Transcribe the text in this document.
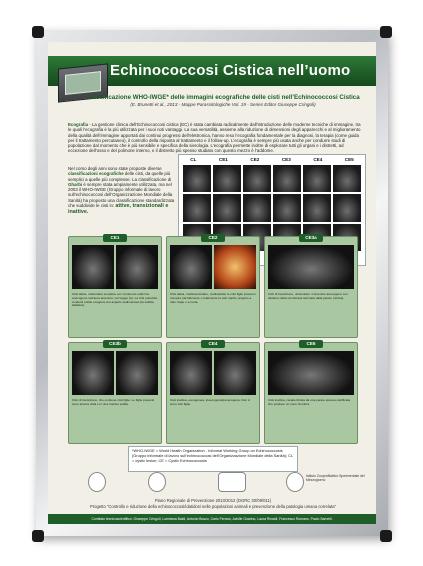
Echinococcosi Cistica nell’uomo
Classificazione WHO-IWGE* delle immagini ecografiche delle cisti nell’Echinococcosi Cistica
(E. Brunetti et al., 2013 - Mappe Parassitologiche Vol. 19 - Series Editor Giuseppe Cringoli)
Ecografia - La gestione clinica dell’Echinococcosi cistica (EC) è stata cambiata radicalmente dall’introduzione delle moderne tecniche di immagine, tra le quali l’ecografia è la più utilizzata per i suoi noti vantaggi. La sua versatilità, assieme alla riduzione di dimensioni degli apparecchi e al miglioramento della qualità dell’immagine apportati dai continui progressi dell’elettronica, hanno reso l’ecografia fondamentale per la diagnosi, la terapia (come guida per il trattamento percutaneo), il controllo della risposta al trattamento e il follow-up. L’ecografia è sempre più usata anche per condurre studi di popolazione dal momento che è più sensibile e specifica della sierologia. L’ecografia permette inoltre di esplorare tutti gli organi e i distretti, ad eccezione dell’osso e del polmone interno, e il distretto più spesso studiato con questo mezzo è l’addome.
Nel corso degli anni sono state proposte diverse classificazioni ecografiche delle cisti, da quelle più semplici a quelle più complesse. La classificazione di Gharbi è sempre stata ampiamente utilizzata, ma nel 2003 il WHO-IWGE (Gruppo informale di lavoro sull’echinococcosi dell’Organizzazione Mondiale della Sanità) ha proposto una classificazione standardizzata che suddivide le cisti in: attive, transizionali e inattive.
CL	CE1	CE2	CE3	CE4	CE5
CE1
Cisti attiva, uniloculare semplice con contenuto uniforme anecogeno nell’area anteriore; nel legger (b). La cisti potrebbe rendersi sottile ecogena con aspetto sedimentato (la sabbia idatidea).
CE2
Cisti attiva, multivescicolare, multisettata; le cisti figlie possono riempire parzialmente o totalmente la cisti madre; aspetto a nido d’ape o a ruota.
CE3a
Cisti di transizione, uniloculare. Contenuto anecogeno con distacco della membrana laminata dalla parete (ninfea).
CE3b
Cisti di transizione, che contiene cisti figlie. Le figlie presenti sono ancora vitali e in una matrice solida.
CE4
Cisti inattiva, eterogenea, ipoecogena/iperecogena. Non ci sono cisti figlie.
CE5
Cisti inattiva, caratterizzata da una parete spessa calcificata che produce un cono d’ombra.
*WHO-IWGE = World Health Organization - Informal Working Group on Echinococcosis (Gruppo informale di lavoro sull’echinococcosi dell’Organizzazione Mondiale della Sanità); CL = cystic lesion; CE = Cystic Echinococcosis
Istituto Zooprofilattico Sperimentale del Mezzogiorno
Piano Regionale di Prevenzione 2010/2012 (DGRC 30/09/011)
Progetto “Controllo e riduzione della echinococcosi/idatidosi nelle popolazioni animali e prevenzione della patologia umana correlata”
Comitato tecnicoscientifico: Giuseppe Cringoli, Loredana Baldi, Antonio Bosco, Carlo Ferraro, Achille Guarino, Laura Rinaldi, Francesco Romano, Paolo Sarnelli.
